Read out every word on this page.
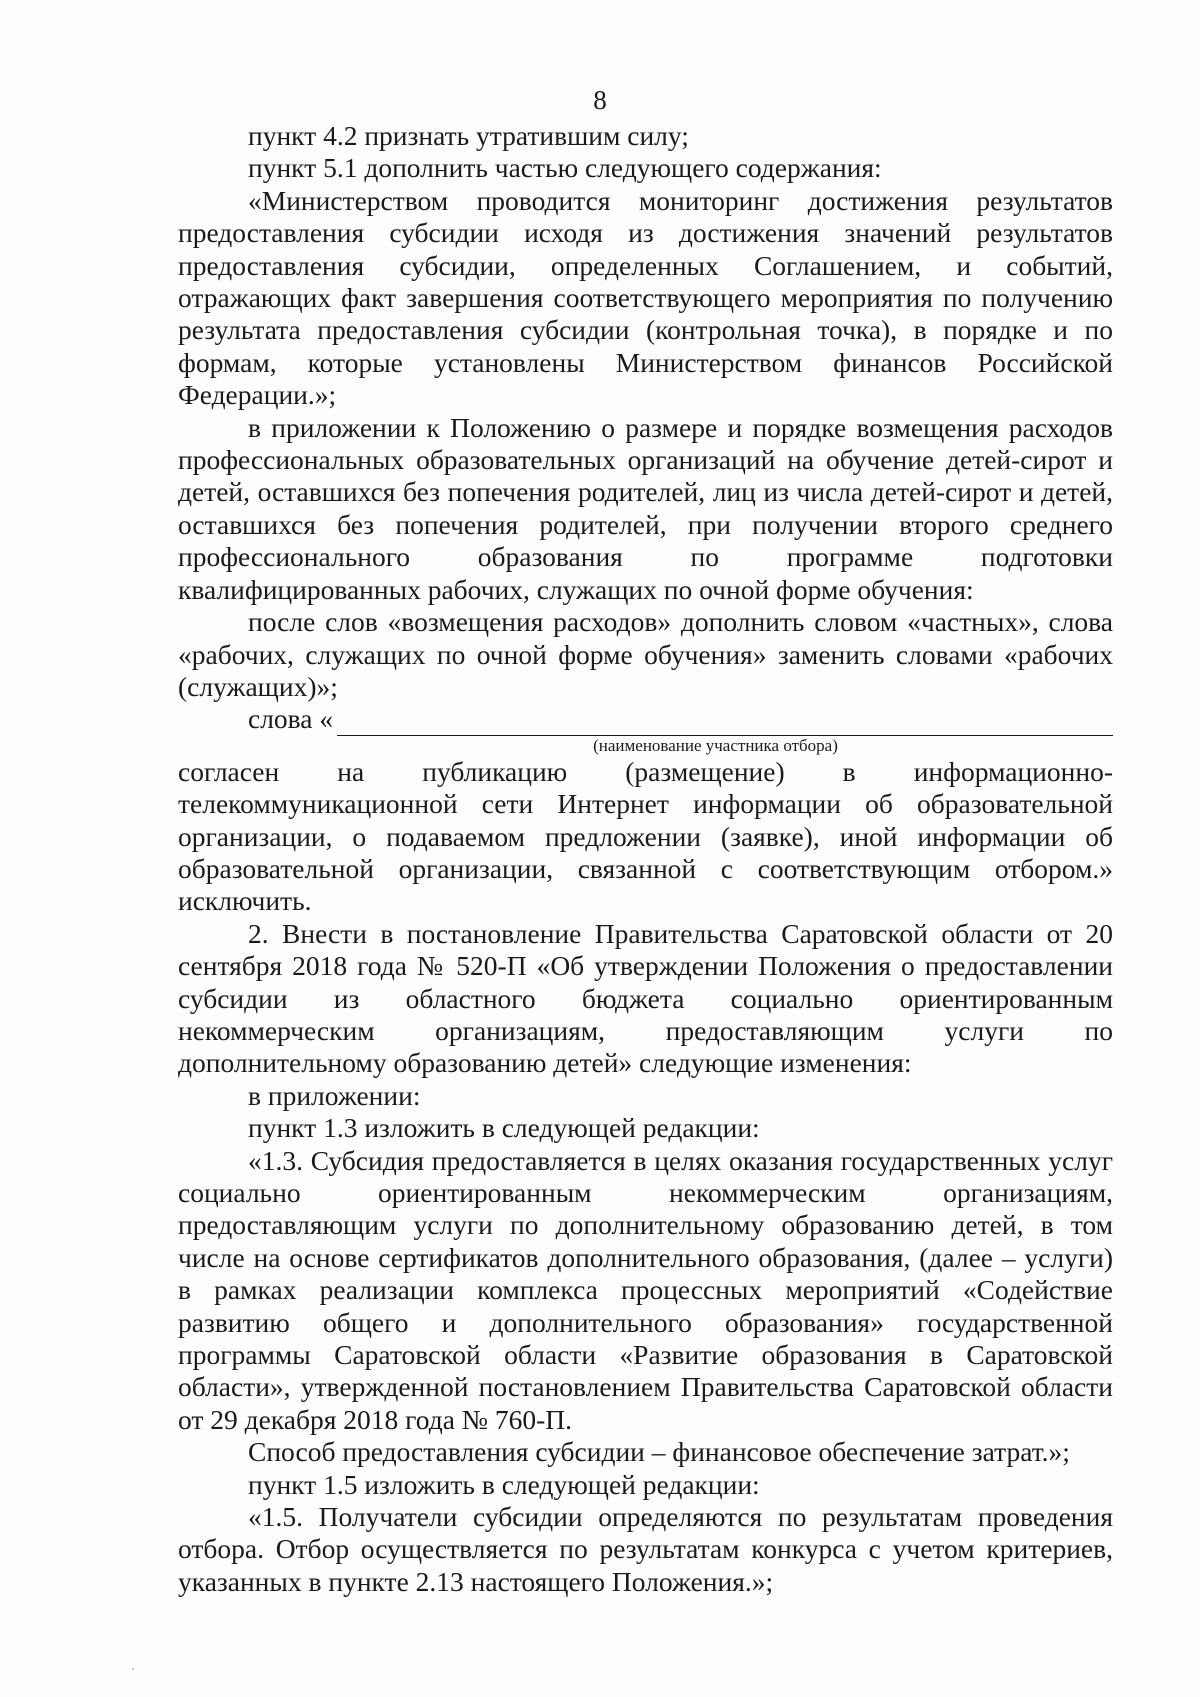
8

пункт 4.2 признать утратившим силу;

пункт 5.1 дополнить частью следующего содержания:

«Министерством проводится мониторинг достижения результатов предоставления субсидии исходя из достижения значений результатов предоставления субсидии, определенных Соглашением, и событий, отражающих факт завершения соответствующего мероприятия по получению результата предоставления субсидии (контрольная точка), в порядке и по формам, которые установлены Министерством финансов Российской Федерации.»;

в приложении к Положению о размере и порядке возмещения расходов профессиональных образовательных организаций на обучение детей-сирот и детей, оставшихся без попечения родителей, лиц из числа детей-сирот и детей, оставшихся без попечения родителей, при получении второго среднего профессионального образования по программе подготовки квалифицированных рабочих, служащих по очной форме обучения:

после слов «возмещения расходов» дополнить словом «частных», слова «рабочих, служащих по очной форме обучения» заменить словами «рабочих (служащих)»;

слова «

(наименование участника отбора)

согласен на публикацию (размещение) в информационно-телекоммуникационной сети Интернет информации об образовательной организации, о подаваемом предложении (заявке), иной информации об образовательной организации, связанной с соответствующим отбором.» исключить.

2. Внести в постановление Правительства Саратовской области от 20 сентября 2018 года № 520-П «Об утверждении Положения о предоставлении субсидии из областного бюджета социально ориентированным некоммерческим организациям, предоставляющим услуги по дополнительному образованию детей» следующие изменения:

в приложении:

пункт 1.3 изложить в следующей редакции:

«1.3. Субсидия предоставляется в целях оказания государственных услуг социально ориентированным некоммерческим организациям, предоставляющим услуги по дополнительному образованию детей, в том числе на основе сертификатов дополнительного образования, (далее – услуги) в рамках реализации комплекса процессных мероприятий «Содействие развитию общего и дополнительного образования» государственной программы Саратовской области «Развитие образования в Саратовской области», утвержденной постановлением Правительства Саратовской области от 29 декабря 2018 года № 760-П.

Способ предоставления субсидии – финансовое обеспечение затрат.»;

пункт 1.5 изложить в следующей редакции:

«1.5. Получатели субсидии определяются по результатам проведения отбора. Отбор осуществляется по результатам конкурса с учетом критериев, указанных в пункте 2.13 настоящего Положения.»;
